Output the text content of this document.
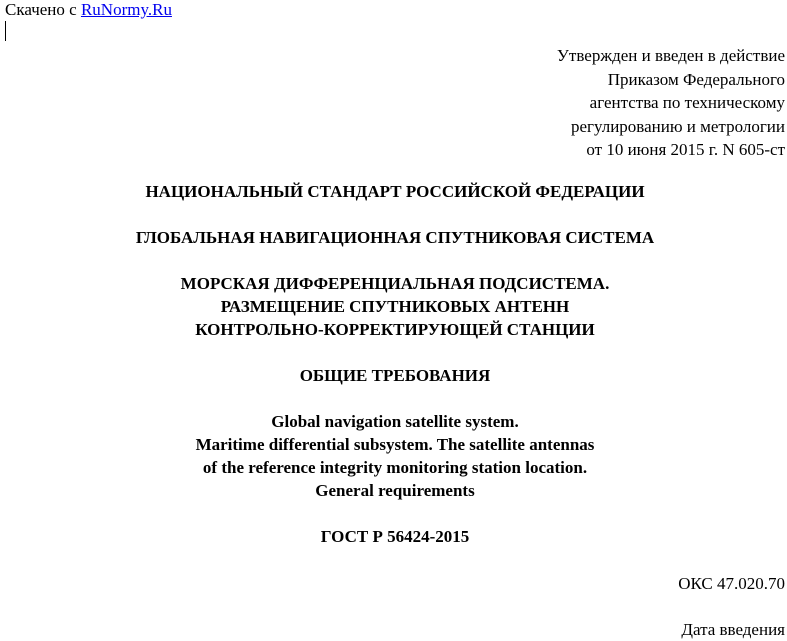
Скачено с RuNormy.Ru
Утвержден и введен в действие
Приказом Федерального
агентства по техническому
регулированию и метрологии
от 10 июня 2015 г. N 605-ст
НАЦИОНАЛЬНЫЙ СТАНДАРТ РОССИЙСКОЙ ФЕДЕРАЦИИ
ГЛОБАЛЬНАЯ НАВИГАЦИОННАЯ СПУТНИКОВАЯ СИСТЕМА
МОРСКАЯ ДИФФЕРЕНЦИАЛЬНАЯ ПОДСИСТЕМА.
РАЗМЕЩЕНИЕ СПУТНИКОВЫХ АНТЕНН
КОНТРОЛЬНО-КОРРЕКТИРУЮЩЕЙ СТАНЦИИ
ОБЩИЕ ТРЕБОВАНИЯ
Global navigation satellite system.
Maritime differential subsystem. The satellite antennas
of the reference integrity monitoring station location.
General requirements
ГОСТ Р 56424-2015
ОКС 47.020.70
Дата введения
